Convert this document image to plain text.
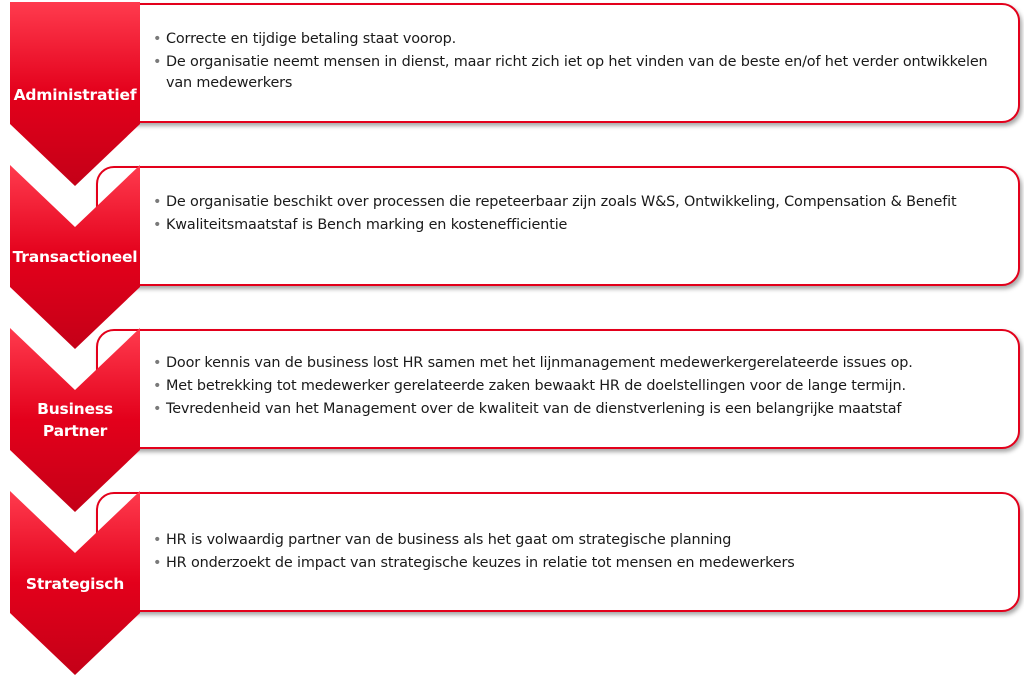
• Correcte en tijdige betaling staat voorop.
• De organisatie neemt mensen in dienst, maar richt zich iet op het vinden van de beste en/of het verder ontwikkelen van medewerkers
• De organisatie beschikt over processen die repeteerbaar zijn zoals W&S, Ontwikkeling, Compensation & Benefit
• Kwaliteitsmaatstaf is Bench marking en kostenefficientie
• Door kennis van de business lost HR samen met het lijnmanagement medewerkergerelateerde issues op.
• Met betrekking tot medewerker gerelateerde zaken bewaakt HR de doelstellingen voor de lange termijn.
• Tevredenheid van het Management over de kwaliteit van de dienstverlening is een belangrijke maatstaf
• HR is volwaardig partner van de business als het gaat om strategische planning
• HR onderzoekt de impact van strategische keuzes in relatie tot mensen en medewerkers
Administratief
Transactioneel
Business
Partner
Strategisch
